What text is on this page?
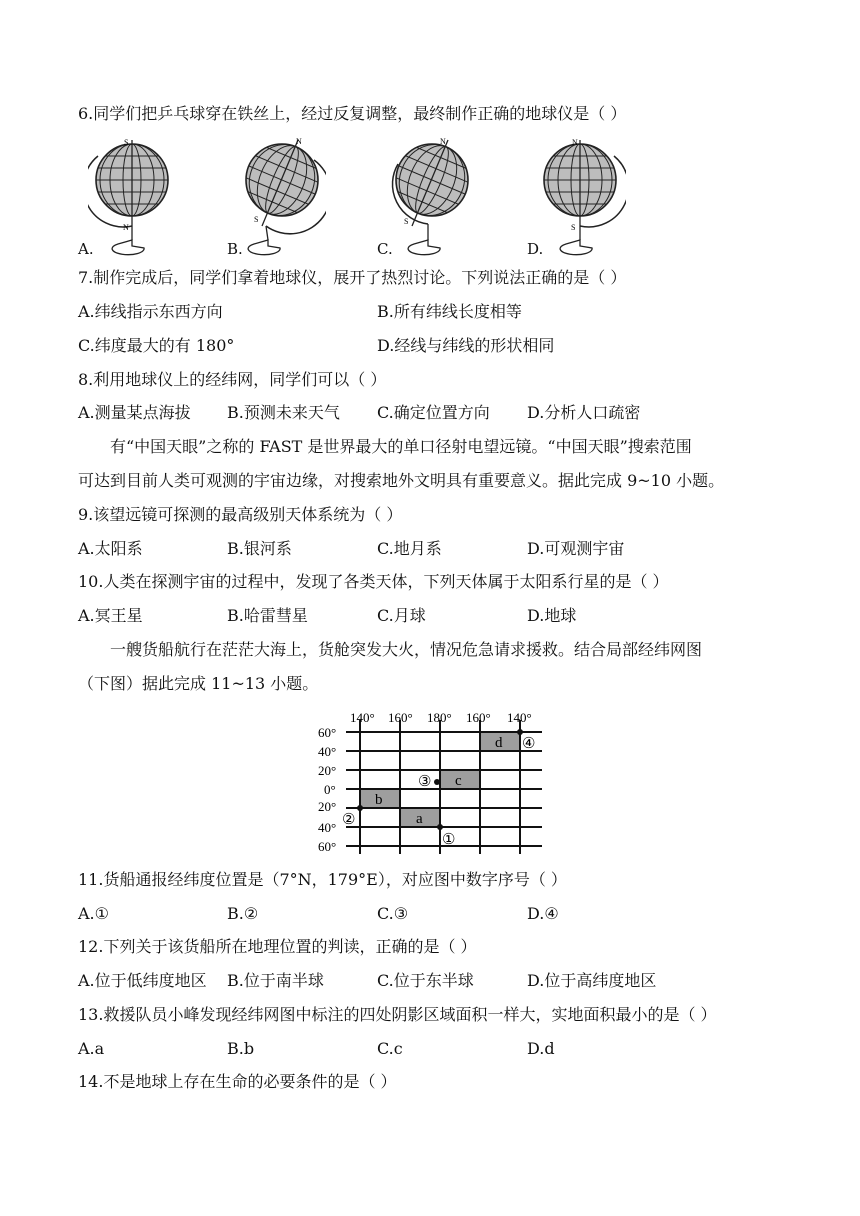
6.同学们把乒乓球穿在铁丝上，经过反复调整，最终制作正确的地球仪是（ ）
S
N
A.
N
S
B.
N
S
C.
N
S
D.
7.制作完成后，同学们拿着地球仪，展开了热烈讨论。下列说法正确的是（ ）
A.纬线指示东西方向	B.所有纬线长度相等
C.纬度最大的有 180°	D.经线与纬线的形状相同
8.利用地球仪上的经纬网，同学们可以（ ）
A.测量某点海拔 B.预测未来天气 C.确定位置方向 D.分析人口疏密
有“中国天眼”之称的 FAST 是世界最大的单口径射电望远镜。“中国天眼”搜索范围
可达到目前人类可观测的宇宙边缘，对搜索地外文明具有重要意义。据此完成 9~10 小题。
9.该望远镜可探测的最高级别天体系统为（ ）
A.太阳系	B.银河系	C.地月系	D.可观测宇宙
10.人类在探测宇宙的过程中，发现了各类天体，下列天体属于太阳系行星的是（ ）
A.冥王星	B.哈雷彗星	C.月球	D.地球
一艘货船航行在茫茫大海上，货舱突发大火，情况危急请求援救。结合局部经纬网图
（下图）据此完成 11~13 小题。
140° 160° 180° 160° 140°
60°
40°
20°
0°
20°
40°
60°
d
c
b
a
④
③
②
①
11.货船通报经纬度位置是（7°N，179°E），对应图中数字序号（ ）
A.①	B.②	C.③	D.④
12.下列关于该货船所在地理位置的判读，正确的是（ ）
A.位于低纬度地区 B.位于南半球	C.位于东半球	D.位于高纬度地区
13.救援队员小峰发现经纬网图中标注的四处阴影区域面积一样大，实地面积最小的是（ ）
A.a	B.b	C.c	D.d
14.不是地球上存在生命的必要条件的是（ ）
